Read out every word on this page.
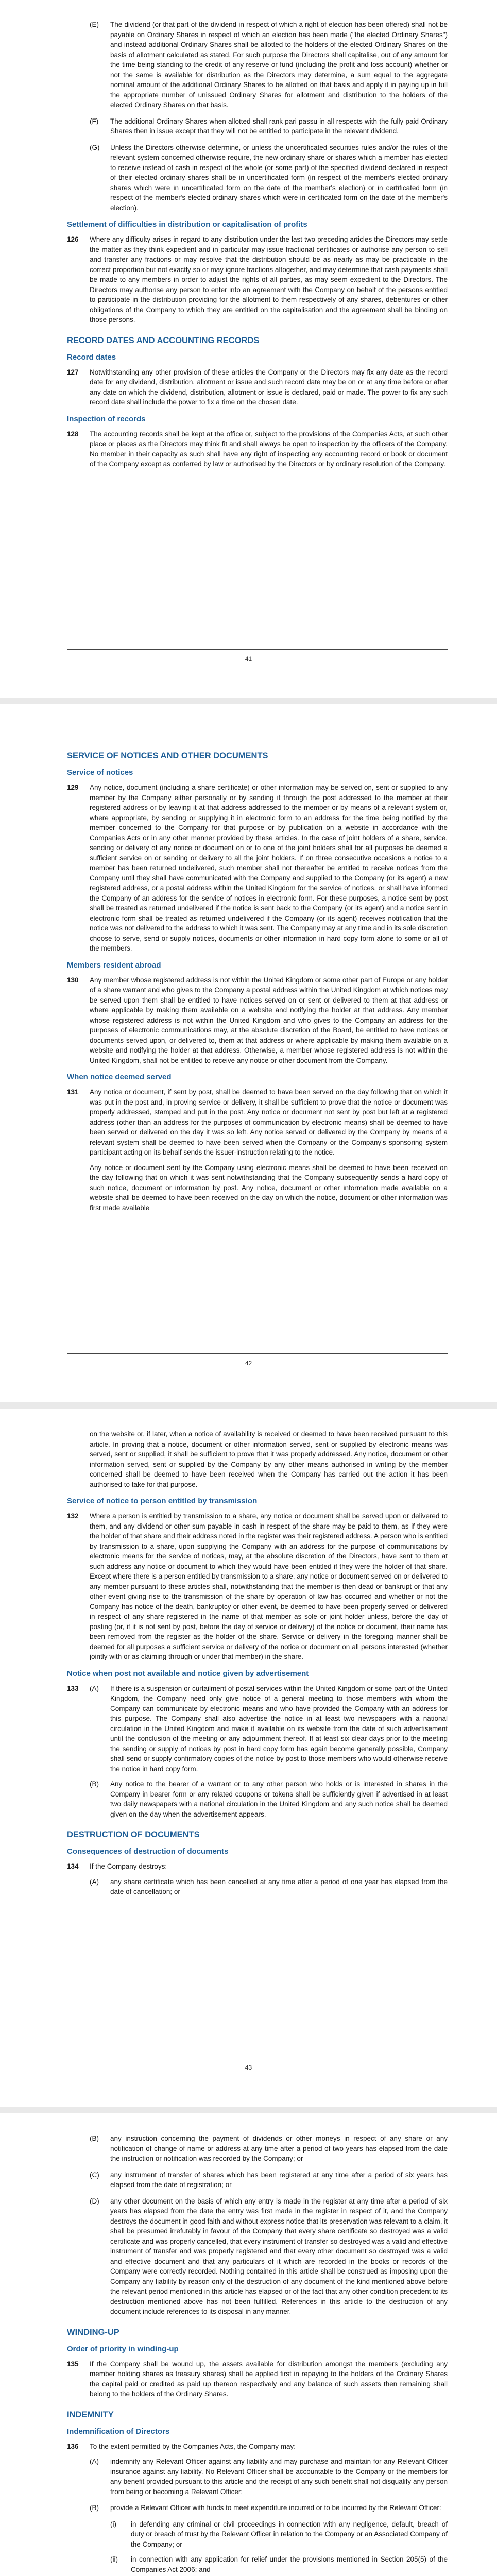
(E)	The dividend (or that part of the dividend in respect of which a right of election has been offered) shall not be payable on Ordinary Shares in respect of which an election has been made ("the elected Ordinary Shares") and instead additional Ordinary Shares shall be allotted to the holders of the elected Ordinary Shares on the basis of allotment calculated as stated. For such purpose the Directors shall capitalise, out of any amount for the time being standing to the credit of any reserve or fund (including the profit and loss account) whether or not the same is available for distribution as the Directors may determine, a sum equal to the aggregate nominal amount of the additional Ordinary Shares to be allotted on that basis and apply it in paying up in full the appropriate number of unissued Ordinary Shares for allotment and distribution to the holders of the elected Ordinary Shares on that basis.
(F)	The additional Ordinary Shares when allotted shall rank pari passu in all respects with the fully paid Ordinary Shares then in issue except that they will not be entitled to participate in the relevant dividend.
(G)	Unless the Directors otherwise determine, or unless the uncertificated securities rules and/or the rules of the relevant system concerned otherwise require, the new ordinary share or shares which a member has elected to receive instead of cash in respect of the whole (or some part) of the specified dividend declared in respect of their elected ordinary shares shall be in uncertificated form (in respect of the member's elected ordinary shares which were in uncertificated form on the date of the member's election) or in certificated form (in respect of the member's elected ordinary shares which were in certificated form on the date of the member's election).
Settlement of difficulties in distribution or capitalisation of profits
126	Where any difficulty arises in regard to any distribution under the last two preceding articles the Directors may settle the matter as they think expedient and in particular may issue fractional certificates or authorise any person to sell and transfer any fractions or may resolve that the distribution should be as nearly as may be practicable in the correct proportion but not exactly so or may ignore fractions altogether, and may determine that cash payments shall be made to any members in order to adjust the rights of all parties, as may seem expedient to the Directors. The Directors may authorise any person to enter into an agreement with the Company on behalf of the persons entitled to participate in the distribution providing for the allotment to them respectively of any shares, debentures or other obligations of the Company to which they are entitled on the capitalisation and the agreement shall be binding on those persons.
RECORD DATES AND ACCOUNTING RECORDS
Record dates
127	Notwithstanding any other provision of these articles the Company or the Directors may fix any date as the record date for any dividend, distribution, allotment or issue and such record date may be on or at any time before or after any date on which the dividend, distribution, allotment or issue is declared, paid or made. The power to fix any such record date shall include the power to fix a time on the chosen date.
Inspection of records
128	The accounting records shall be kept at the office or, subject to the provisions of the Companies Acts, at such other place or places as the Directors may think fit and shall always be open to inspection by the officers of the Company. No member in their capacity as such shall have any right of inspecting any accounting record or book or document of the Company except as conferred by law or authorised by the Directors or by ordinary resolution of the Company.
41
SERVICE OF NOTICES AND OTHER DOCUMENTS
Service of notices
129	Any notice, document (including a share certificate) or other information may be served on, sent or supplied to any member by the Company either personally or by sending it through the post addressed to the member at their registered address or by leaving it at that address addressed to the member or by means of a relevant system or, where appropriate, by sending or supplying it in electronic form to an address for the time being notified by the member concerned to the Company for that purpose or by publication on a website in accordance with the Companies Acts or in any other manner provided by these articles. In the case of joint holders of a share, service, sending or delivery of any notice or document on or to one of the joint holders shall for all purposes be deemed a sufficient service on or sending or delivery to all the joint holders. If on three consecutive occasions a notice to a member has been returned undelivered, such member shall not thereafter be entitled to receive notices from the Company until they shall have communicated with the Company and supplied to the Company (or its agent) a new registered address, or a postal address within the United Kingdom for the service of notices, or shall have informed the Company of an address for the service of notices in electronic form. For these purposes, a notice sent by post shall be treated as returned undelivered if the notice is sent back to the Company (or its agent) and a notice sent in electronic form shall be treated as returned undelivered if the Company (or its agent) receives notification that the notice was not delivered to the address to which it was sent. The Company may at any time and in its sole discretion choose to serve, send or supply notices, documents or other information in hard copy form alone to some or all of the members.
Members resident abroad
130	Any member whose registered address is not within the United Kingdom or some other part of Europe or any holder of a share warrant and who gives to the Company a postal address within the United Kingdom at which notices may be served upon them shall be entitled to have notices served on or sent or delivered to them at that address or where applicable by making them available on a website and notifying the holder at that address. Any member whose registered address is not within the United Kingdom and who gives to the Company an address for the purposes of electronic communications may, at the absolute discretion of the Board, be entitled to have notices or documents served upon, or delivered to, them at that address or where applicable by making them available on a website and notifying the holder at that address. Otherwise, a member whose registered address is not within the United Kingdom, shall not be entitled to receive any notice or other document from the Company.
When notice deemed served
131	Any notice or document, if sent by post, shall be deemed to have been served on the day following that on which it was put in the post and, in proving service or delivery, it shall be sufficient to prove that the notice or document was properly addressed, stamped and put in the post. Any notice or document not sent by post but left at a registered address (other than an address for the purposes of communication by electronic means) shall be deemed to have been served or delivered on the day it was so left. Any notice served or delivered by the Company by means of a relevant system shall be deemed to have been served when the Company or the Company's sponsoring system participant acting on its behalf sends the issuer-instruction relating to the notice.
Any notice or document sent by the Company using electronic means shall be deemed to have been received on the day following that on which it was sent notwithstanding that the Company subsequently sends a hard copy of such notice, document or information by post. Any notice, document or other information made available on a website shall be deemed to have been received on the day on which the notice, document or other information was first made available
42
on the website or, if later, when a notice of availability is received or deemed to have been received pursuant to this article. In proving that a notice, document or other information served, sent or supplied by electronic means was served, sent or supplied, it shall be sufficient to prove that it was properly addressed. Any notice, document or other information served, sent or supplied by the Company by any other means authorised in writing by the member concerned shall be deemed to have been received when the Company has carried out the action it has been authorised to take for that purpose.
Service of notice to person entitled by transmission
132	Where a person is entitled by transmission to a share, any notice or document shall be served upon or delivered to them, and any dividend or other sum payable in cash in respect of the share may be paid to them, as if they were the holder of that share and their address noted in the register was their registered address. A person who is entitled by transmission to a share, upon supplying the Company with an address for the purpose of communications by electronic means for the service of notices, may, at the absolute discretion of the Directors, have sent to them at such address any notice or document to which they would have been entitled if they were the holder of that share. Except where there is a person entitled by transmission to a share, any notice or document served on or delivered to any member pursuant to these articles shall, notwithstanding that the member is then dead or bankrupt or that any other event giving rise to the transmission of the share by operation of law has occurred and whether or not the Company has notice of the death, bankruptcy or other event, be deemed to have been properly served or delivered in respect of any share registered in the name of that member as sole or joint holder unless, before the day of posting (or, if it is not sent by post, before the day of service or delivery) of the notice or document, their name has been removed from the register as the holder of the share. Service or delivery in the foregoing manner shall be deemed for all purposes a sufficient service or delivery of the notice or document on all persons interested (whether jointly with or as claiming through or under that member) in the share.
Notice when post not available and notice given by advertisement
133	(A)	If there is a suspension or curtailment of postal services within the United Kingdom or some part of the United Kingdom, the Company need only give notice of a general meeting to those members with whom the Company can communicate by electronic means and who have provided the Company with an address for this purpose. The Company shall also advertise the notice in at least two newspapers with a national circulation in the United Kingdom and make it available on its website from the date of such advertisement until the conclusion of the meeting or any adjournment thereof. If at least six clear days prior to the meeting the sending or supply of notices by post in hard copy form has again become generally possible, Company shall send or supply confirmatory copies of the notice by post to those members who would otherwise receive the notice in hard copy form.
(B)	Any notice to the bearer of a warrant or to any other person who holds or is interested in shares in the Company in bearer form or any related coupons or tokens shall be sufficiently given if advertised in at least two daily newspapers with a national circulation in the United Kingdom and any such notice shall be deemed given on the day when the advertisement appears.
DESTRUCTION OF DOCUMENTS
Consequences of destruction of documents
134	If the Company destroys:
(A)	any share certificate which has been cancelled at any time after a period of one year has elapsed from the date of cancellation; or
43
(B)	any instruction concerning the payment of dividends or other moneys in respect of any share or any notification of change of name or address at any time after a period of two years has elapsed from the date the instruction or notification was recorded by the Company; or
(C)	any instrument of transfer of shares which has been registered at any time after a period of six years has elapsed from the date of registration; or
(D)	any other document on the basis of which any entry is made in the register at any time after a period of six years has elapsed from the date the entry was first made in the register in respect of it, and the Company destroys the document in good faith and without express notice that its preservation was relevant to a claim, it shall be presumed irrefutably in favour of the Company that every share certificate so destroyed was a valid certificate and was properly cancelled, that every instrument of transfer so destroyed was a valid and effective instrument of transfer and was properly registered and that every other document so destroyed was a valid and effective document and that any particulars of it which are recorded in the books or records of the Company were correctly recorded. Nothing contained in this article shall be construed as imposing upon the Company any liability by reason only of the destruction of any document of the kind mentioned above before the relevant period mentioned in this article has elapsed or of the fact that any other condition precedent to its destruction mentioned above has not been fulfilled. References in this article to the destruction of any document include references to its disposal in any manner.
WINDING-UP
Order of priority in winding-up
135	If the Company shall be wound up, the assets available for distribution amongst the members (excluding any member holding shares as treasury shares) shall be applied first in repaying to the holders of the Ordinary Shares the capital paid or credited as paid up thereon respectively and any balance of such assets then remaining shall belong to the holders of the Ordinary Shares.
INDEMNITY
Indemnification of Directors
136	To the extent permitted by the Companies Acts, the Company may:
(A)	indemnify any Relevant Officer against any liability and may purchase and maintain for any Relevant Officer insurance against any liability. No Relevant Officer shall be accountable to the Company or the members for any benefit provided pursuant to this article and the receipt of any such benefit shall not disqualify any person from being or becoming a Relevant Officer;
(B)	provide a Relevant Officer with funds to meet expenditure incurred or to be incurred by the Relevant Officer:
(i)	in defending any criminal or civil proceedings in connection with any negligence, default, breach of duty or breach of trust by the Relevant Officer in relation to the Company or an Associated Company of the Company; or
(ii)	in connection with any application for relief under the provisions mentioned in Section 205(5) of the Companies Act 2006; and
